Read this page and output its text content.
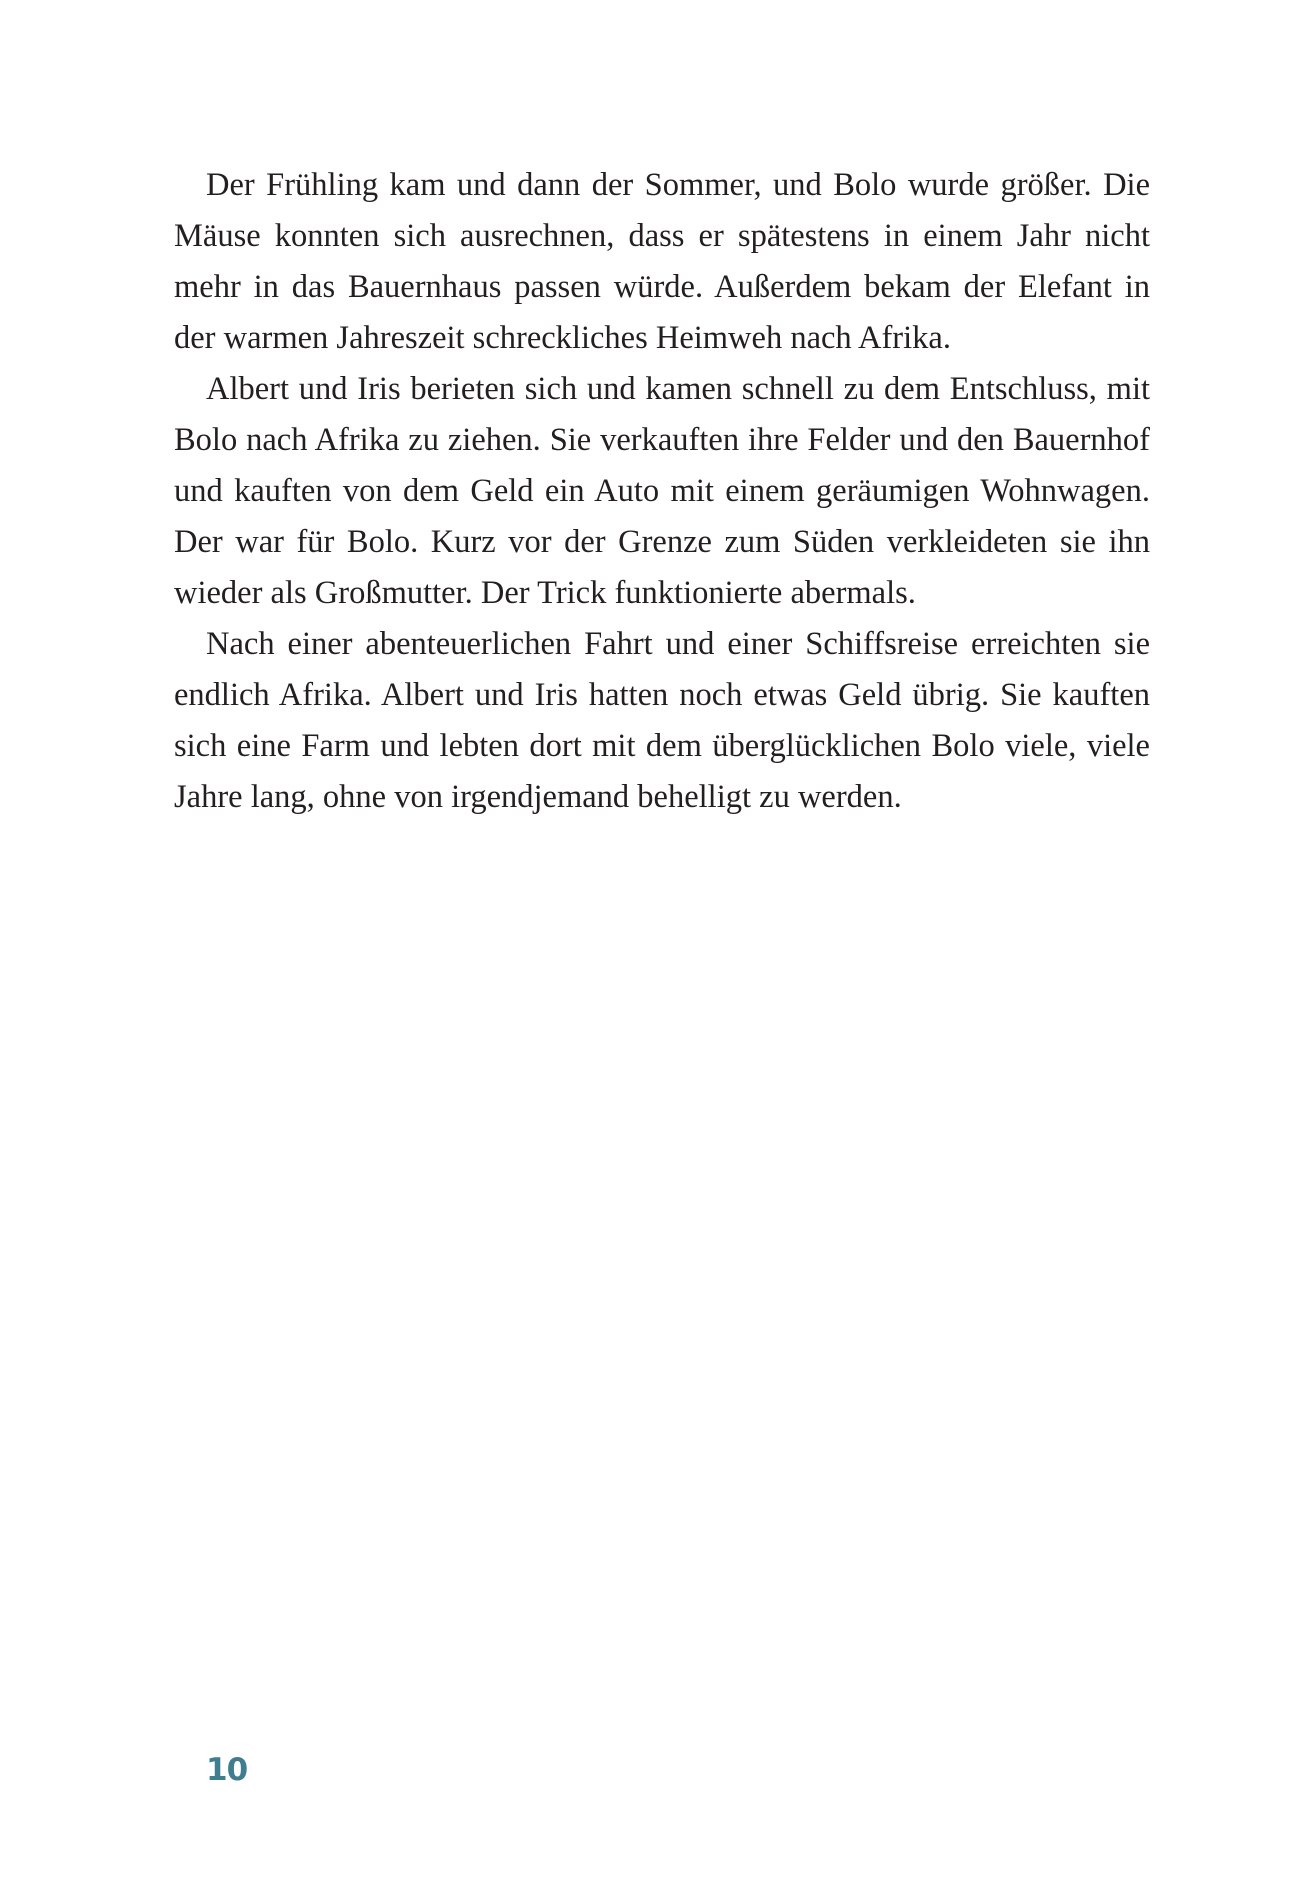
Der Frühling kam und dann der Sommer, und Bolo wurde größer. Die Mäuse konnten sich ausrechnen, dass er spätestens in einem Jahr nicht mehr in das Bauernhaus passen würde. Außerdem bekam der Elefant in der warmen Jahreszeit schreckliches Heimweh nach Afrika.

Albert und Iris berieten sich und kamen schnell zu dem Entschluss, mit Bolo nach Afrika zu ziehen. Sie verkauften ihre Felder und den Bauernhof und kauften von dem Geld ein Auto mit einem geräumigen Wohnwagen. Der war für Bolo. Kurz vor der Grenze zum Süden verkleideten sie ihn wieder als Großmutter. Der Trick funktionierte abermals.

Nach einer abenteuerlichen Fahrt und einer Schiffsreise erreichten sie endlich Afrika. Albert und Iris hatten noch etwas Geld übrig. Sie kauften sich eine Farm und lebten dort mit dem überglücklichen Bolo viele, viele Jahre lang, ohne von irgendjemand behelligt zu werden.

10
